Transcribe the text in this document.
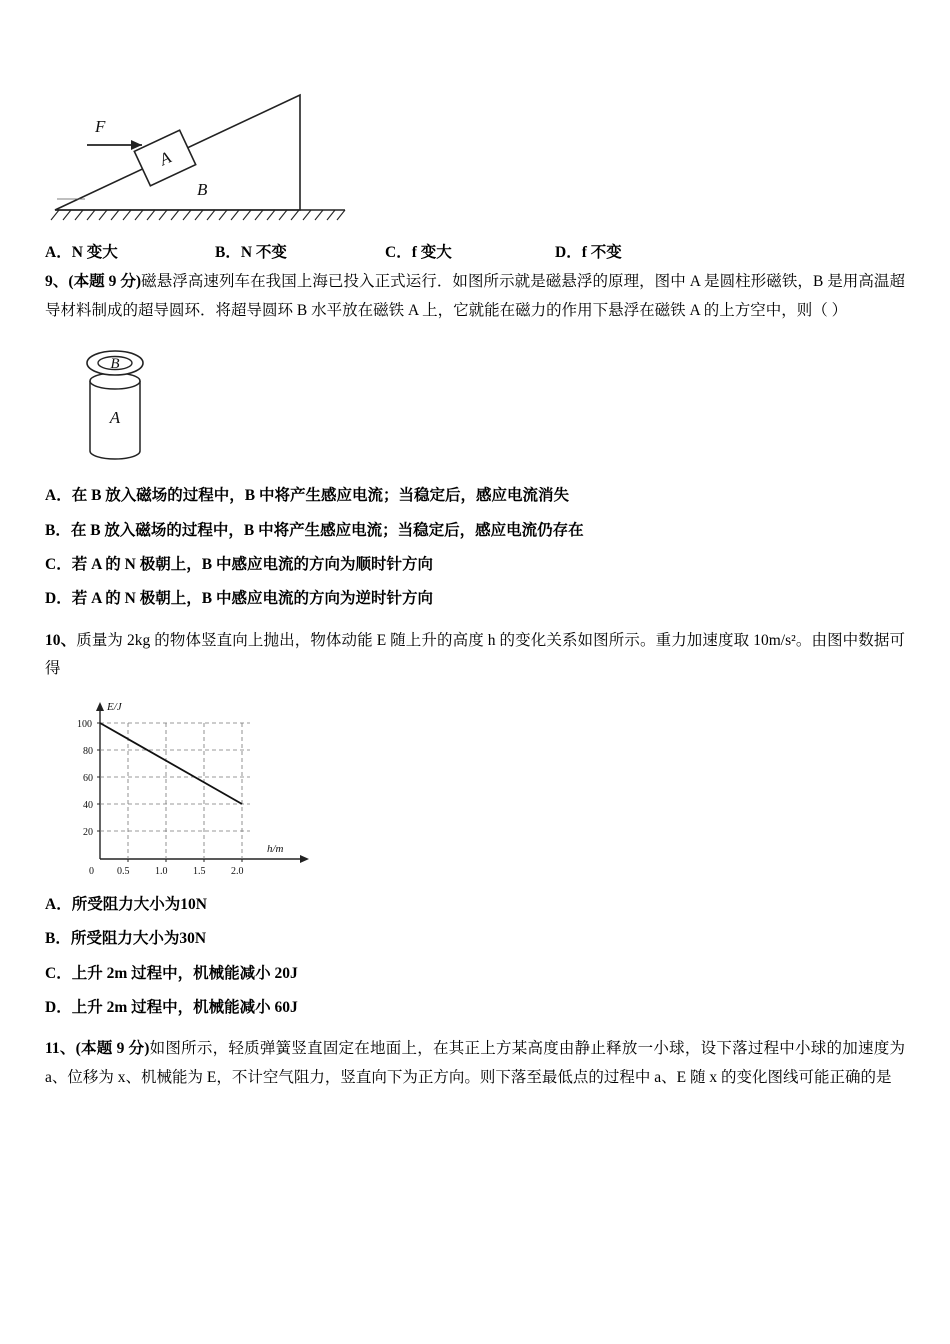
A
F
B
A．N 变大	B．N 不变	C．f 变大	D．f 不变

9、(本题 9 分)磁悬浮高速列车在我国上海已投入正式运行．如图所示就是磁悬浮的原理，图中 A 是圆柱形磁铁，B 是用高温超导材料制成的超导圆环．将超导圆环 B 水平放在磁铁 A 上，它就能在磁力的作用下悬浮在磁铁 A 的上方空中，则（ ）

A
B
A．在 B 放入磁场的过程中，B 中将产生感应电流；当稳定后，感应电流消失
B．在 B 放入磁场的过程中，B 中将产生感应电流；当稳定后，感应电流仍存在
C．若 A 的 N 极朝上，B 中感应电流的方向为顺时针方向
D．若 A 的 N 极朝上，B 中感应电流的方向为逆时针方向

10、质量为 2kg 的物体竖直向上抛出，物体动能 E 随上升的高度 h 的变化关系如图所示。重力加速度取 10m/s²。由图中数据可得

E/J
h/m
100
80
60
40
20
0 0.5	1.0	1.5	2.0
A．所受阻力大小为10N
B．所受阻力大小为30N
C．上升 2m 过程中，机械能减小 20J
D．上升 2m 过程中，机械能减小 60J

11、(本题 9 分)如图所示，轻质弹簧竖直固定在地面上，在其正上方某高度由静止释放一小球，设下落过程中小球的加速度为 a、位移为 x、机械能为 E，不计空气阻力，竖直向下为正方向。则下落至最低点的过程中 a、E 随 x 的变化图线可能正确的是
